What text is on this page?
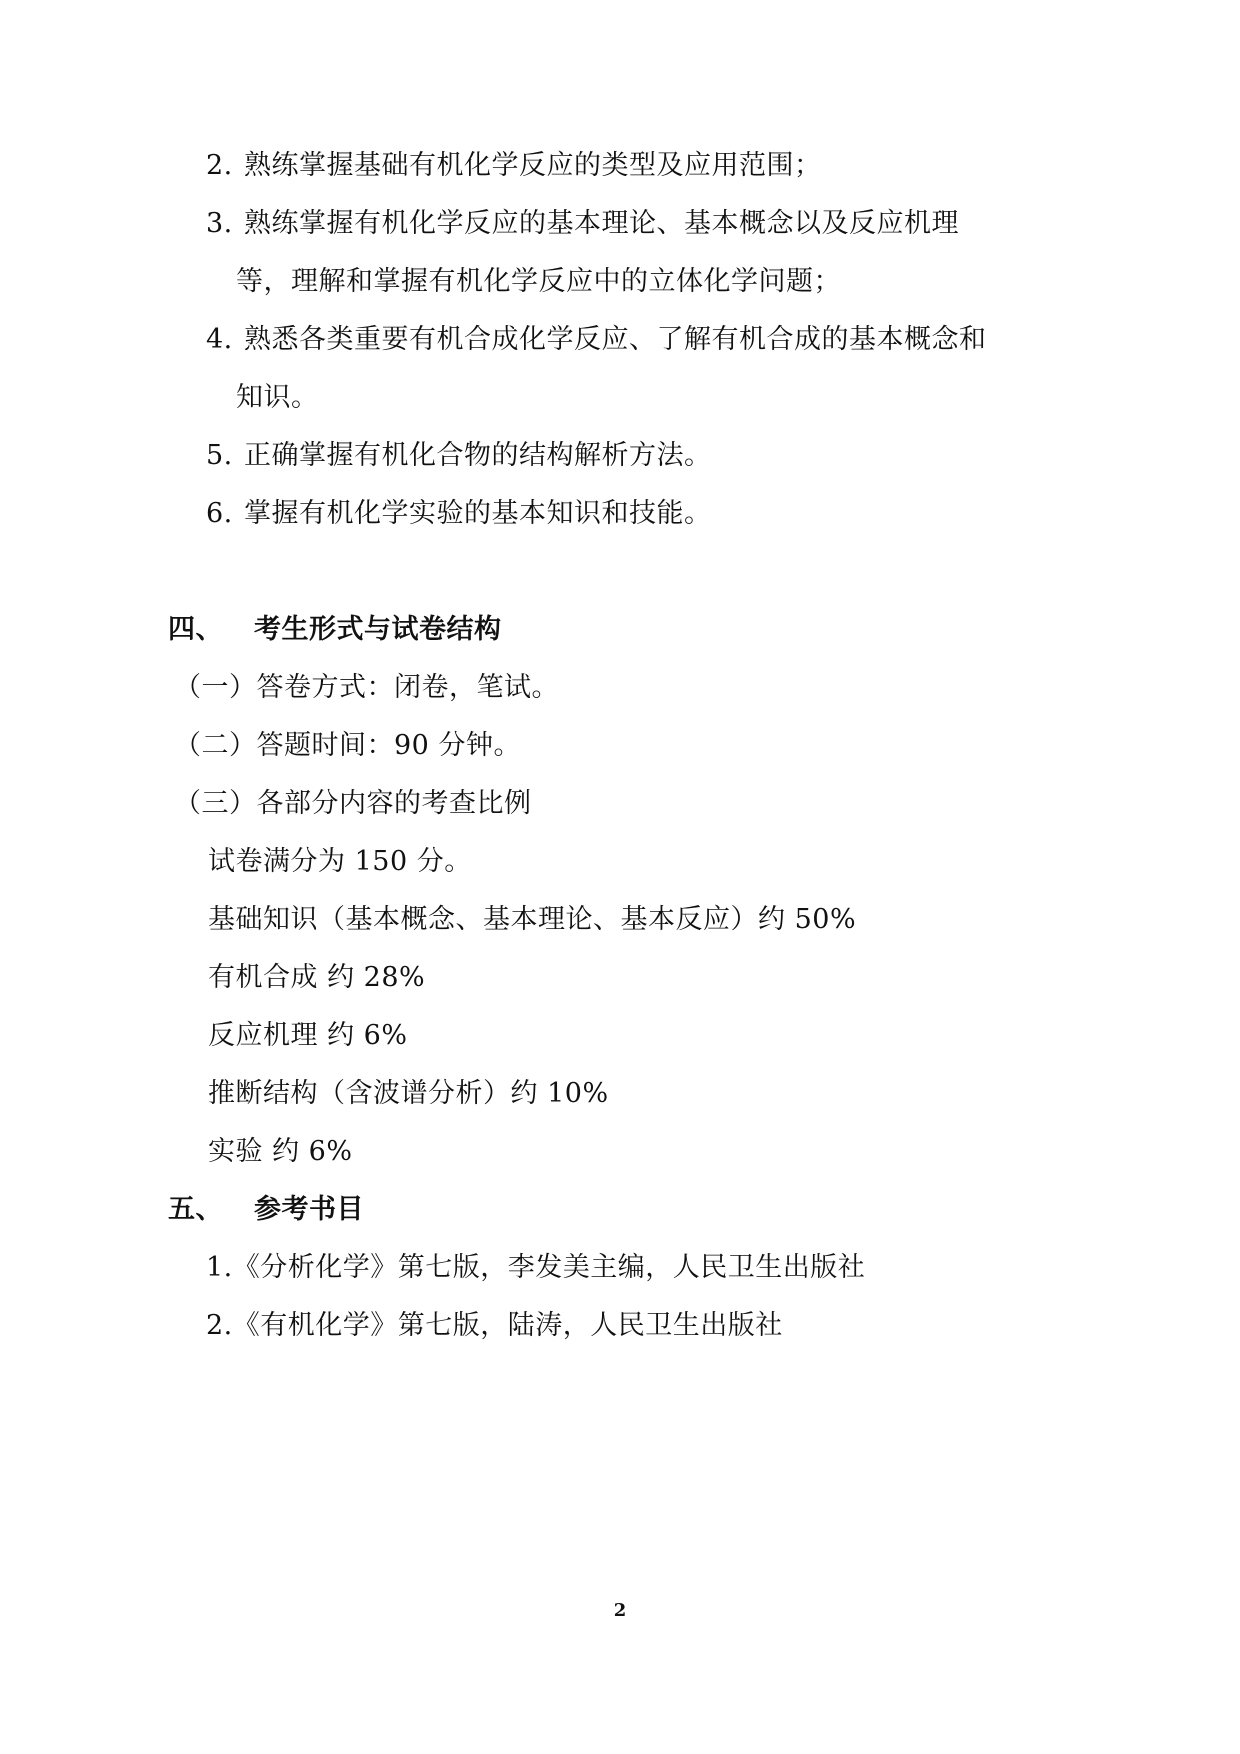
2. 熟练掌握基础有机化学反应的类型及应用范围；
3. 熟练掌握有机化学反应的基本理论、基本概念以及反应机理
等，理解和掌握有机化学反应中的立体化学问题；
4. 熟悉各类重要有机合成化学反应、了解有机合成的基本概念和
知识。
5. 正确掌握有机化合物的结构解析方法。
6. 掌握有机化学实验的基本知识和技能。
四、 考生形式与试卷结构
（一）答卷方式：闭卷，笔试。
（二）答题时间：90 分钟。
（三）各部分内容的考查比例
试卷满分为 150 分。
基础知识（基本概念、基本理论、基本反应）约 50%
有机合成 约 28%
反应机理 约 6%
推断结构（含波谱分析）约 10%
实验 约 6%
五、 参考书目
1.《分析化学》第七版，李发美主编，人民卫生出版社
2.《有机化学》第七版，陆涛，人民卫生出版社
2
